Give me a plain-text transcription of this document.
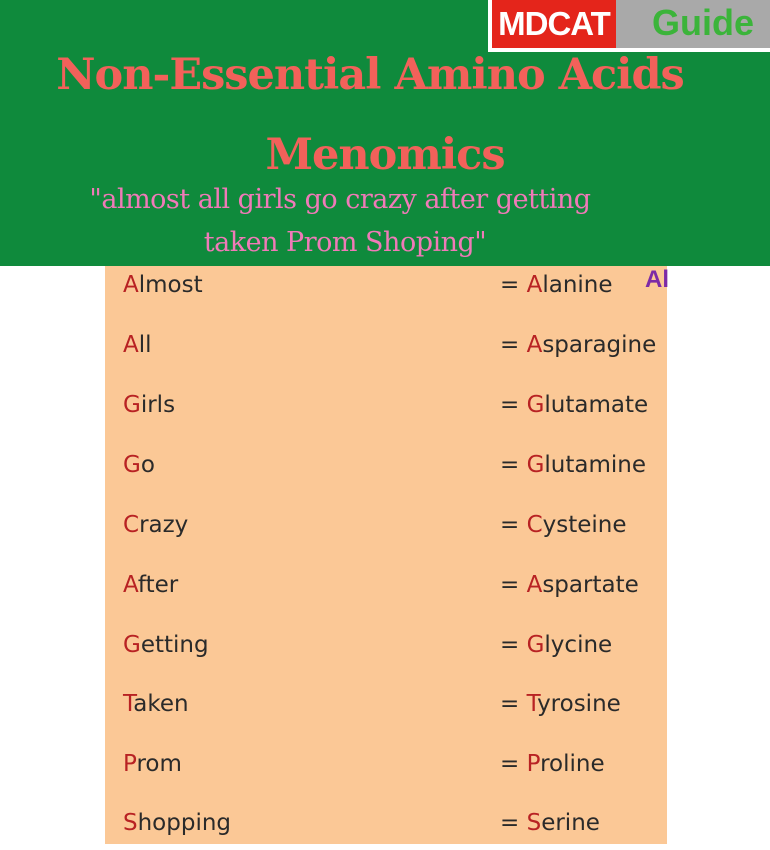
MDCAT	Guide
Non-Essential Amino Acids
Menomics
"almost all girls go crazy after getting
taken Prom Shoping"
Al
Almost	= Alanine
All	= Asparagine
Girls	= Glutamate
Go	= Glutamine
Crazy	= Cysteine
After	= Aspartate
Getting	= Glycine
Taken	= Tyrosine
Prom	= Proline
Shopping	= Serine
